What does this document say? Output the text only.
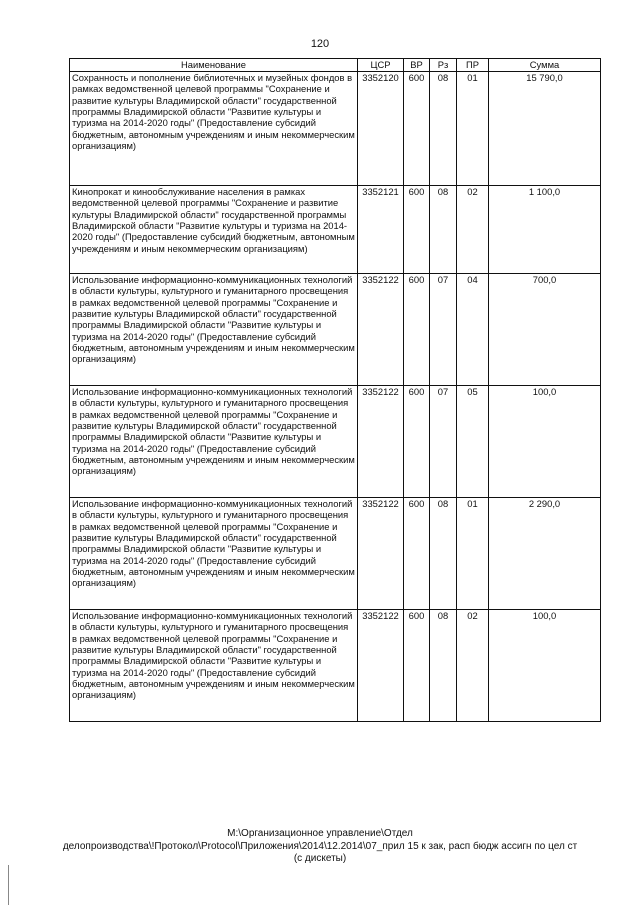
120
Наименование	ЦСР	ВР	Рз	ПР	Сумма
Сохранность и пополнение библиотечных и музейных фондов в рамках ведомственной целевой программы "Сохранение и развитие культуры Владимирской области" государственной программы Владимирской области "Развитие культуры и туризма на 2014-2020 годы" (Предоставление субсидий бюджетным, автономным учреждениям и иным некоммерческим организациям)	3352120	600	08	01	15 790,0
Кинопрокат и кинообслуживание населения в рамках ведомственной целевой программы "Сохранение и развитие культуры Владимирской области" государственной программы Владимирской области "Развитие культуры и туризма на 2014-2020 годы" (Предоставление субсидий бюджетным, автономным учреждениям и иным некоммерческим организациям)	3352121	600	08	02	1 100,0
Использование информационно-коммуникационных технологий в области культуры, культурного и гуманитарного просвещения в рамках ведомственной целевой программы "Сохранение и развитие культуры Владимирской области" государственной программы Владимирской области "Развитие культуры и туризма на 2014-2020 годы" (Предоставление субсидий бюджетным, автономным учреждениям и иным некоммерческим организациям)	3352122	600	07	04	700,0
Использование информационно-коммуникационных технологий в области культуры, культурного и гуманитарного просвещения в рамках ведомственной целевой программы "Сохранение и развитие культуры Владимирской области" государственной программы Владимирской области "Развитие культуры и туризма на 2014-2020 годы" (Предоставление субсидий бюджетным, автономным учреждениям и иным некоммерческим организациям)	3352122	600	07	05	100,0
Использование информационно-коммуникационных технологий в области культуры, культурного и гуманитарного просвещения в рамках ведомственной целевой программы "Сохранение и развитие культуры Владимирской области" государственной программы Владимирской области "Развитие культуры и туризма на 2014-2020 годы" (Предоставление субсидий бюджетным, автономным учреждениям и иным некоммерческим организациям)	3352122	600	08	01	2 290,0
Использование информационно-коммуникационных технологий в области культуры, культурного и гуманитарного просвещения в рамках ведомственной целевой программы "Сохранение и развитие культуры Владимирской области" государственной программы Владимирской области "Развитие культуры и туризма на 2014-2020 годы" (Предоставление субсидий бюджетным, автономным учреждениям и иным некоммерческим организациям)	3352122	600	08	02	100,0
М:\Организационное управление\Отдел
делопроизводства\!Протокол\Protocol\Приложения\2014\12.2014\07_прил 15 к зак, расп бюдж ассигн по цел ст
(с дискеты)
